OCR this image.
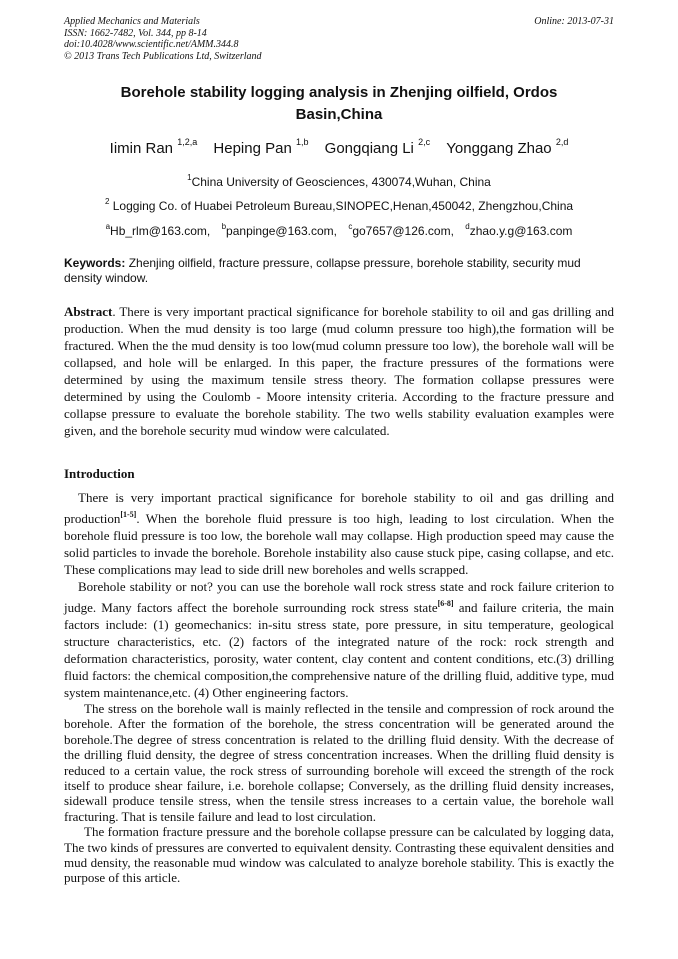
Applied Mechanics and Materials
ISSN: 1662-7482, Vol. 344, pp 8-14
doi:10.4028/www.scientific.net/AMM.344.8
© 2013 Trans Tech Publications Ltd, Switzerland
Online: 2013-07-31
Borehole stability logging analysis in Zhenjing oilfield, Ordos
Basin,China
Iimin Ran $^{1,2,a}$ Heping Pan $^{1,b}$ Gongqiang Li $^{2,c}$ Yonggang Zhao $^{2,d}$
$^1$China University of Geosciences, 430074,Wuhan, China
$^2$ Logging Co. of Huabei Petroleum Bureau,SINOPEC,Henan,450042, Zhengzhou,China
$^a$Hb_rlm@163.com, $^b$panpinge@163.com, $^c$go7657@126.com, $^d$zhao.y.g@163.com
Keywords: Zhenjing oilfield, fracture pressure, collapse pressure, borehole stability, security mud density window.
Abstract. There is very important practical significance for borehole stability to oil and gas drilling and production. When the mud density is too large (mud column pressure too high),the formation will be fractured. When the the mud density is too low(mud column pressure too low), the borehole wall will be collapsed, and hole will be enlarged. In this paper, the fracture pressures of the formations were determined by using the maximum tensile stress theory. The formation collapse pressures were determined by using the Coulomb - Moore intensity criteria. According to the fracture pressure and collapse pressure to evaluate the borehole stability. The two wells stability evaluation examples were given, and the borehole security mud window were calculated.
Introduction

There is very important practical significance for borehole stability to oil and gas drilling and production[1-5]. When the borehole fluid pressure is too high, leading to lost circulation. When the borehole fluid pressure is too low, the borehole wall may collapse. High production speed may cause the solid particles to invade the borehole. Borehole instability also cause stuck pipe, casing collapse, and etc. These complications may lead to side drill new boreholes and wells scrapped.

Borehole stability or not? you can use the borehole wall rock stress state and rock failure criterion to judge. Many factors affect the borehole surrounding rock stress state[6-8] and failure criteria, the main factors include: (1) geomechanics: in-situ stress state, pore pressure, in situ temperature, geological structure characteristics, etc. (2) factors of the integrated nature of the rock: rock strength and deformation characteristics, porosity, water content, clay content and content conditions, etc.(3) drilling fluid factors: the chemical composition,the comprehensive nature of the drilling fluid, additive type, mud system maintenance,etc. (4) Other engineering factors.

The stress on the borehole wall is mainly reflected in the tensile and compression of rock around the borehole. After the formation of the borehole, the stress concentration will be generated around the borehole.The degree of stress concentration is related to the drilling fluid density. With the decrease of the drilling fluid density, the degree of stress concentration increases. When the drilling fluid density is reduced to a certain value, the rock stress of surrounding borehole will exceed the strength of the rock itself to produce shear failure, i.e. borehole collapse; Conversely, as the drilling fluid density increases, sidewall produce tensile stress, when the tensile stress increases to a certain value, the borehole wall fracturing. That is tensile failure and lead to lost circulation.

The formation fracture pressure and the borehole collapse pressure can be calculated by logging data, The two kinds of pressures are converted to equivalent density. Contrasting these equivalent densities and mud density, the reasonable mud window was calculated to analyze borehole stability. This is exactly the purpose of this article.
